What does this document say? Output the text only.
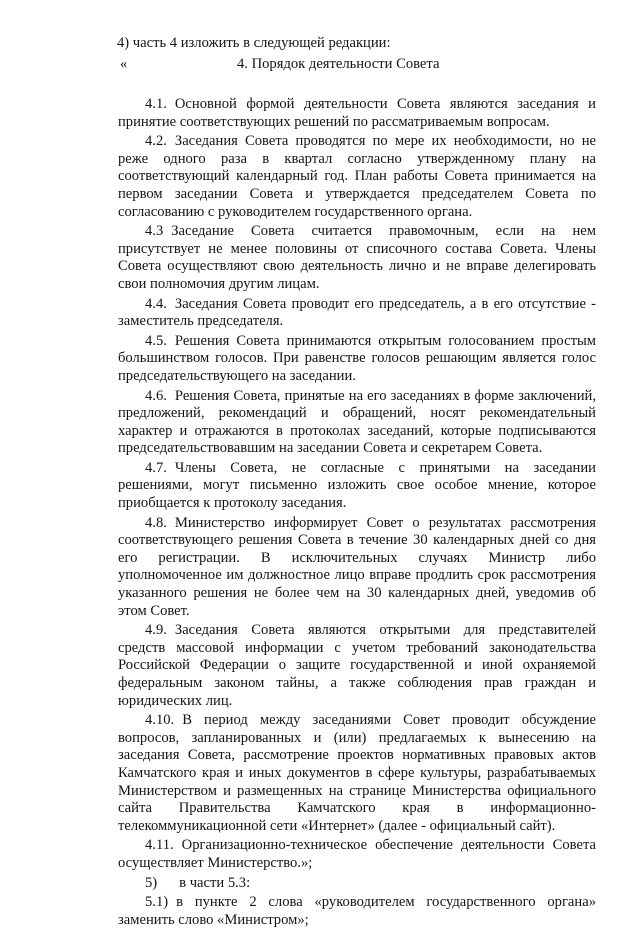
4) часть 4 изложить в следующей редакции:
«	4. Порядок деятельности Совета

4.1. Основной формой деятельности Совета являются заседания и принятие соответствующих решений по рассматриваемым вопросам.

4.2. Заседания Совета проводятся по мере их необходимости, но не реже одного раза в квартал согласно утвержденному плану на соответствующий календарный год. План работы Совета принимается на первом заседании Совета и утверждается председателем Совета по согласованию с руководителем государственного органа.

4.3 Заседание Совета считается правомочным, если на нем присутствует не менее половины от списочного состава Совета. Члены Совета осуществляют свою деятельность лично и не вправе делегировать свои полномочия другим лицам.

4.4. Заседания Совета проводит его председатель, а в его отсутствие - заместитель председателя.

4.5. Решения Совета принимаются открытым голосованием простым большинством голосов. При равенстве голосов решающим является голос председательствующего на заседании.

4.6. Решения Совета, принятые на его заседаниях в форме заключений, предложений, рекомендаций и обращений, носят рекомендательный характер и отражаются в протоколах заседаний, которые подписываются председательствовавшим на заседании Совета и секретарем Совета.

4.7. Члены Совета, не согласные с принятыми на заседании решениями, могут письменно изложить свое особое мнение, которое приобщается к протоколу заседания.

4.8. Министерство информирует Совет о результатах рассмотрения соответствующего решения Совета в течение 30 календарных дней со дня его регистрации. В исключительных случаях Министр либо уполномоченное им должностное лицо вправе продлить срок рассмотрения указанного решения не более чем на 30 календарных дней, уведомив об этом Совет.

4.9. Заседания Совета являются открытыми для представителей средств массовой информации с учетом требований законодательства Российской Федерации о защите государственной и иной охраняемой федеральным законом тайны, а также соблюдения прав граждан и юридических лиц.

4.10. В период между заседаниями Совет проводит обсуждение вопросов, запланированных и (или) предлагаемых к вынесению на заседания Совета, рассмотрение проектов нормативных правовых актов Камчатского края и иных документов в сфере культуры, разрабатываемых Министерством и размещенных на странице Министерства официального сайта Правительства Камчатского края в информационно-телекоммуникационной сети «Интернет» (далее - официальный сайт).

4.11. Организационно-техническое обеспечение деятельности Совета осуществляет Министерство.»;

5) в части 5.3:

5.1) в пункте 2 слова «руководителем государственного органа» заменить слово «Министром»;
